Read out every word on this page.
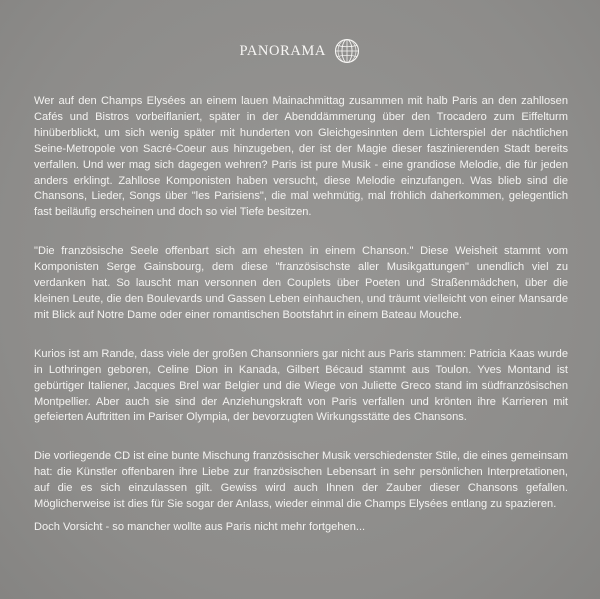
PANORAMA

Wer auf den Champs Elysées an einem lauen Mainachmittag zusammen mit halb Paris an den zahllosen Cafés und Bistros vorbeiflaniert, später in der Abenddämmerung über den Trocadero zum Eiffelturm hinüberblickt, um sich wenig später mit hunderten von Gleichgesinnten dem Lichterspiel der nächtlichen Seine-Metropole von Sacré-Coeur aus hinzugeben, der ist der Magie dieser faszinierenden Stadt bereits verfallen. Und wer mag sich dagegen wehren? Paris ist pure Musik - eine grandiose Melodie, die für jeden anders erklingt. Zahllose Komponisten haben versucht, diese Melodie einzufangen. Was blieb sind die Chansons, Lieder, Songs über "les Parisiens", die mal wehmütig, mal fröhlich daherkommen, gelegentlich fast beiläufig erscheinen und doch so viel Tiefe besitzen.

"Die französische Seele offenbart sich am ehesten in einem Chanson." Diese Weisheit stammt vom Komponisten Serge Gainsbourg, dem diese "französischste aller Musikgattungen" unendlich viel zu verdanken hat. So lauscht man versonnen den Couplets über Poeten und Straßenmädchen, über die kleinen Leute, die den Boulevards und Gassen Leben einhauchen, und träumt vielleicht von einer Mansarde mit Blick auf Notre Dame oder einer romantischen Bootsfahrt in einem Bateau Mouche.

Kurios ist am Rande, dass viele der großen Chansonniers gar nicht aus Paris stammen: Patricia Kaas wurde in Lothringen geboren, Celine Dion in Kanada, Gilbert Bécaud stammt aus Toulon. Yves Montand ist gebürtiger Italiener, Jacques Brel war Belgier und die Wiege von Juliette Greco stand im südfranzösischen Montpellier. Aber auch sie sind der Anziehungskraft von Paris verfallen und krönten ihre Karrieren mit gefeierten Auftritten im Pariser Olympia, der bevorzugten Wirkungsstätte des Chansons.

Die vorliegende CD ist eine bunte Mischung französischer Musik verschiedenster Stile, die eines gemeinsam hat: die Künstler offenbaren ihre Liebe zur französischen Lebensart in sehr persönlichen Interpretationen, auf die es sich einzulassen gilt. Gewiss wird auch Ihnen der Zauber dieser Chansons gefallen. Möglicherweise ist dies für Sie sogar der Anlass, wieder einmal die Champs Elysées entlang zu spazieren.

Doch Vorsicht - so mancher wollte aus Paris nicht mehr fortgehen...
